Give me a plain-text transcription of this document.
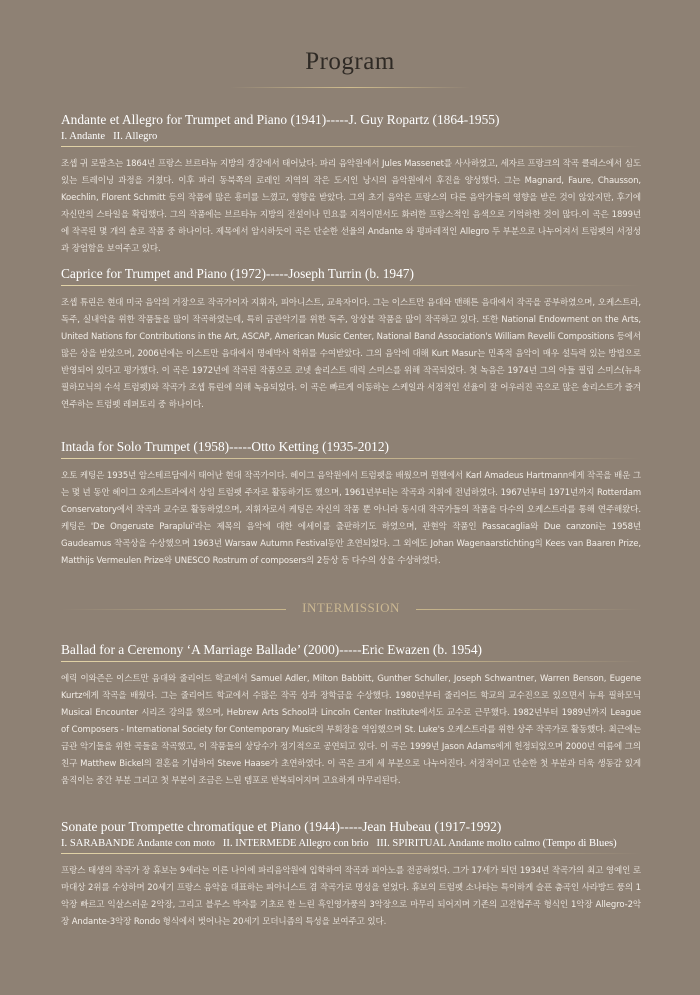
Program
Andante et Allegro for Trumpet and Piano (1941)-----J. Guy Ropartz (1864-1955)
I. Andante II. Allegro
조셉 귀 로팔츠는 1864년 프랑스 브르타뉴 지방의 갱강에서 태어났다. 파리 음악원에서 Jules Massenet를 사사하였고, 세자르 프랑크의 작곡 클래스에서 심도 있는 트레이닝 과정을 거쳤다. 이후 파리 동북쪽의 로레인 지역의 작은 도시인 낭시의 음악원에서 후진을 양성했다. 그는 Magnard, Faure, Chausson, Koechlin, Florent Schmitt 등의 작품에 많은 흥미를 느꼈고, 영향을 받았다. 그의 초기 음악은 프랑스의 다른 음악가들의 영향을 받은 것이 않았지만, 후기에 자신만의 스타일을 확립했다. 그의 작품에는 브르타뉴 지방의 전설이나 민요를 지적이면서도 화려한 프랑스적인 음색으로 기억하한 것이 많다.이 곡은 1899년에 작곡된 몇 개의 솔로 작품 중 하나이다. 제목에서 암시하듯이 곡은 단순한 선율의 Andante 와 평파레적인 Allegro 두 부분으로 나누어져서 트럼펫의 서정성과 장엄함을 보여주고 있다.
Caprice for Trumpet and Piano (1972)-----Joseph Turrin (b. 1947)
조셉 튜린은 현대 미국 음악의 거장으로 작곡가이자 지휘자, 피아니스트, 교육자이다. 그는 이스트만 음대와 맨해튼 음대에서 작곡을 공부하였으며, 오케스트라, 독주, 실내악을 위한 작품들을 많이 작곡하였는데, 특히 금관악기를 위한 독주, 앙상블 작품을 많이 작곡하고 있다. 또한 National Endowment on the Arts, United Nations for Contributions in the Art, ASCAP, American Music Center, National Band Association's William Revelli Compositions 등에서 많은 상을 받았으며, 2006년에는 이스트만 음대에서 명예박사 학위를 수여받았다. 그의 음악에 대해 Kurt Masur는 민족적 음악이 매우 설득력 있는 방법으로 반영되어 있다고 평가했다. 이 곡은 1972년에 작곡된 작품으로 코넷 솔리스트 데릭 스미스를 위해 작곡되었다. 첫 녹음은 1974년 그의 아들 필립 스미스(뉴욕 필하모닉의 수석 트럼펫)와 작곡가 조셉 튜린에 의해 녹음되었다. 이 곡은 빠르게 이동하는 스케일과 서정적인 선율이 잘 어우러진 곡으로 많은 솔리스트가 즐겨 연주하는 트럼펫 레퍼토리 중 하나이다.
Intada for Solo Trumpet (1958)-----Otto Ketting (1935-2012)
오토 케팅은 1935년 암스테르담에서 태어난 현대 작곡가이다. 헤이그 음악원에서 트럼펫을 배웠으며 뮌헨에서 Karl Amadeus Hartmann에게 작곡을 배운 그는 몇 년 동안 헤이그 오케스트라에서 상임 트럼펫 주자로 활동하기도 했으며, 1961년부터는 작곡과 지휘에 전념하였다. 1967년부터 1971년까지 Rotterdam Conservatory에서 작곡과 교수로 활동하였으며, 지휘자로서 케팅은 자신의 작품 뿐 아니라 동시대 작곡가들의 작품을 다수의 오케스트라를 통해 연주해왔다. 케팅은 'De Ongeruste Paraplui'라는 제목의 음악에 대한 에세이를 출판하기도 하였으며, 관현악 작품인 Passacaglia와 Due canzoni는 1958년 Gaudeamus 작곡상을 수상했으며 1963년 Warsaw Autumn Festival동안 초연되었다. 그 외에도 Johan Wagenaarstichting의 Kees van Baaren Prize, Matthijs Vermeulen Prize와 UNESCO Rostrum of composers의 2등상 등 다수의 상을 수상하였다.
INTERMISSION
Ballad for a Ceremony ‘A Marriage Ballade’ (2000)-----Eric Ewazen (b. 1954)
에릭 이와즌은 이스트만 음대와 줄리어드 학교에서 Samuel Adler, Milton Babbitt, Gunther Schuller, Joseph Schwantner, Warren Benson, Eugene Kurtz에게 작곡을 배웠다. 그는 줄리어드 학교에서 수많은 작곡 상과 장학금을 수상했다. 1980년부터 줄리어드 학교의 교수진으로 있으면서 뉴욕 필하모닉 Musical Encounter 시리즈 강의를 했으며, Hebrew Arts School과 Lincoln Center Institute에서도 교수로 근무했다. 1982년부터 1989년까지 League of Composers - International Society for Contemporary Music의 부회장을 역임했으며 St. Luke's 오케스트라를 위한 상주 작곡가로 활동했다. 최근에는 금관 악기들을 위한 곡들을 작곡했고, 이 작품들의 상당수가 정기적으로 공연되고 있다. 이 곡은 1999년 Jason Adams에게 헌정되었으며 2000년 여름에 그의 친구 Matthew Bickel의 결혼을 기념하여 Steve Haase가 초연하였다. 이 곡은 크게 세 부분으로 나누어진다. 서정적이고 단순한 첫 부분과 더욱 생동감 있게 움직이는 중간 부분 그리고 첫 부분이 조금은 느린 템포로 반복되어지며 고요하게 마무리된다.
Sonate pour Trompette chromatique et Piano (1944)-----Jean Hubeau (1917-1992)
I. SARABANDE Andante con moto II. INTERMEDE Allegro con brio III. SPIRITUAL Andante molto calmo (Tempo di Blues)
프랑스 태생의 작곡가 장 휴보는 9세라는 이른 나이에 파리음악원에 입학하여 작곡과 피아노를 전공하였다. 그가 17세가 되던 1934년 작곡가의 최고 영예인 로마대상 2위를 수상하며 20세기 프랑스 음악을 대표하는 피아니스트 겸 작곡가로 명성을 얻었다. 휴보의 트럼펫 소나타는 특이하게 슬픈 춤곡인 사라방드 풍의 1악장 빠르고 익살스러운 2악장, 그리고 블루스 박자를 기초로 한 느린 흑인영가풍의 3악장으로 마무리 되어지며 기존의 고전협주곡 형식인 1악장 Allegro-2악장 Andante-3악장 Rondo 형식에서 벗어나는 20세기 모더니즘의 특성을 보여주고 있다.
